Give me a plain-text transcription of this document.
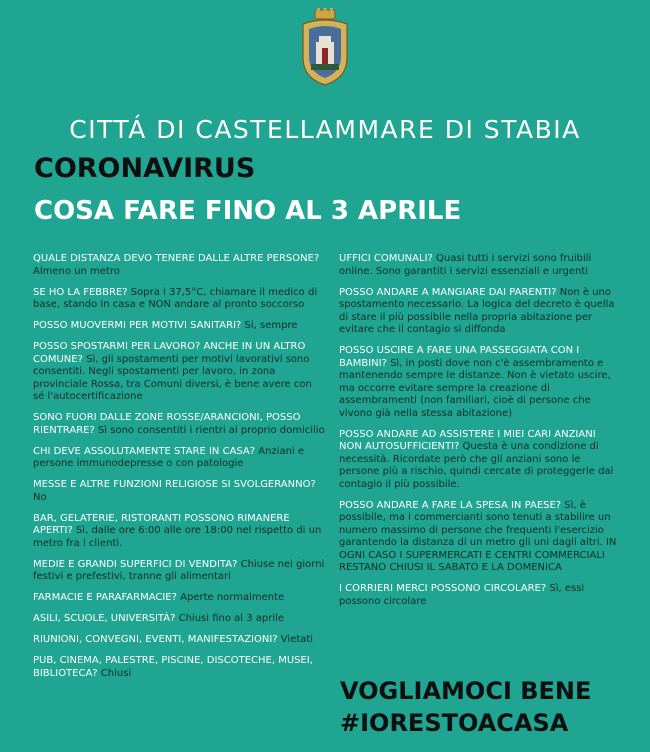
CITTÁ DI CASTELLAMMARE DI STABIA
CORONAVIRUS
COSA FARE FINO AL 3 APRILE
QUALE DISTANZA DEVO TENERE DALLE ALTRE PERSONE? Almeno un metro
SE HO LA FEBBRE? Sopra i 37,5°C, chiamare il medico di base, stando in casa e NON andare al pronto soccorso
POSSO MUOVERMI PER MOTIVI SANITARI? Si, sempre
POSSO SPOSTARMI PER LAVORO? ANCHE IN UN ALTRO COMUNE? Sì, gli spostamenti per motivi lavorativi sono consentiti. Negli spostamenti per lavoro, in zona provinciale Rossa, tra Comuni diversi, è bene avere con sé l'autocertificazione
SONO FUORI DALLE ZONE ROSSE/ARANCIONI, POSSO RIENTRARE? Sì sono consentiti i rientri al proprio domicilio
CHI DEVE ASSOLUTAMENTE STARE IN CASA? Anziani e persone immunodepresse o con patologie
MESSE E ALTRE FUNZIONI RELIGIOSE SI SVOLGERANNO? No
BAR, GELATERIE, RISTORANTI POSSONO RIMANERE APERTI? Sì, dalle ore 6:00 alle ore 18:00 nel rispetto di un metro fra i clienti.
MEDIE E GRANDI SUPERFICI DI VENDITA? Chiuse nei giorni festivi e prefestivi, tranne gli alimentari
FARMACIE E PARAFARMACIE? Aperte normalmente
ASILI, SCUOLE, UNIVERSITÀ? Chiusi fino al 3 aprile
RIUNIONI, CONVEGNI, EVENTI, MANIFESTAZIONI? Vietati
PUB, CINEMA, PALESTRE, PISCINE, DISCOTECHE, MUSEI, BIBLIOTECA? Chiusi
UFFICI COMUNALI? Quasi tutti i servizi sono fruibili online. Sono garantiti i servizi essenziali e urgenti
POSSO ANDARE A MANGIARE DAI PARENTI? Non è uno spostamento necessario. La logica del decreto è quella di stare il più possibile nella propria abitazione per evitare che il contagio si diffonda
POSSO USCIRE A FARE UNA PASSEGGIATA CON I BAMBINI? Sì, in posti dove non c'è assembramento e mantenendo sempre le distanze. Non è vietato uscire, ma occorre evitare sempre la creazione di assembramenti (non familiari, cioè di persone che vivono già nella stessa abitazione)
POSSO ANDARE AD ASSISTERE I MIEI CARI ANZIANI NON AUTOSUFFICIENTI? Questa è una condizione di necessità. Ricordate però che gli anziani sono le persone più a rischio, quindi cercate di proteggerle dal contagio il più possibile.
POSSO ANDARE A FARE LA SPESA IN PAESE? Sì, è possibile, ma i commercianti sono tenuti a stabilire un numero massimo di persone che frequenti l'esercizio garantendo la distanza di un metro gli uni dagli altri. IN OGNI CASO I SUPERMERCATI E CENTRI COMMERCIALI RESTANO CHIUSI IL SABATO E LA DOMENICA
I CORRIERI MERCI POSSONO CIRCOLARE? Sì, essi possono circolare
VOGLIAMOCI BENE
#IORESTOACASA
